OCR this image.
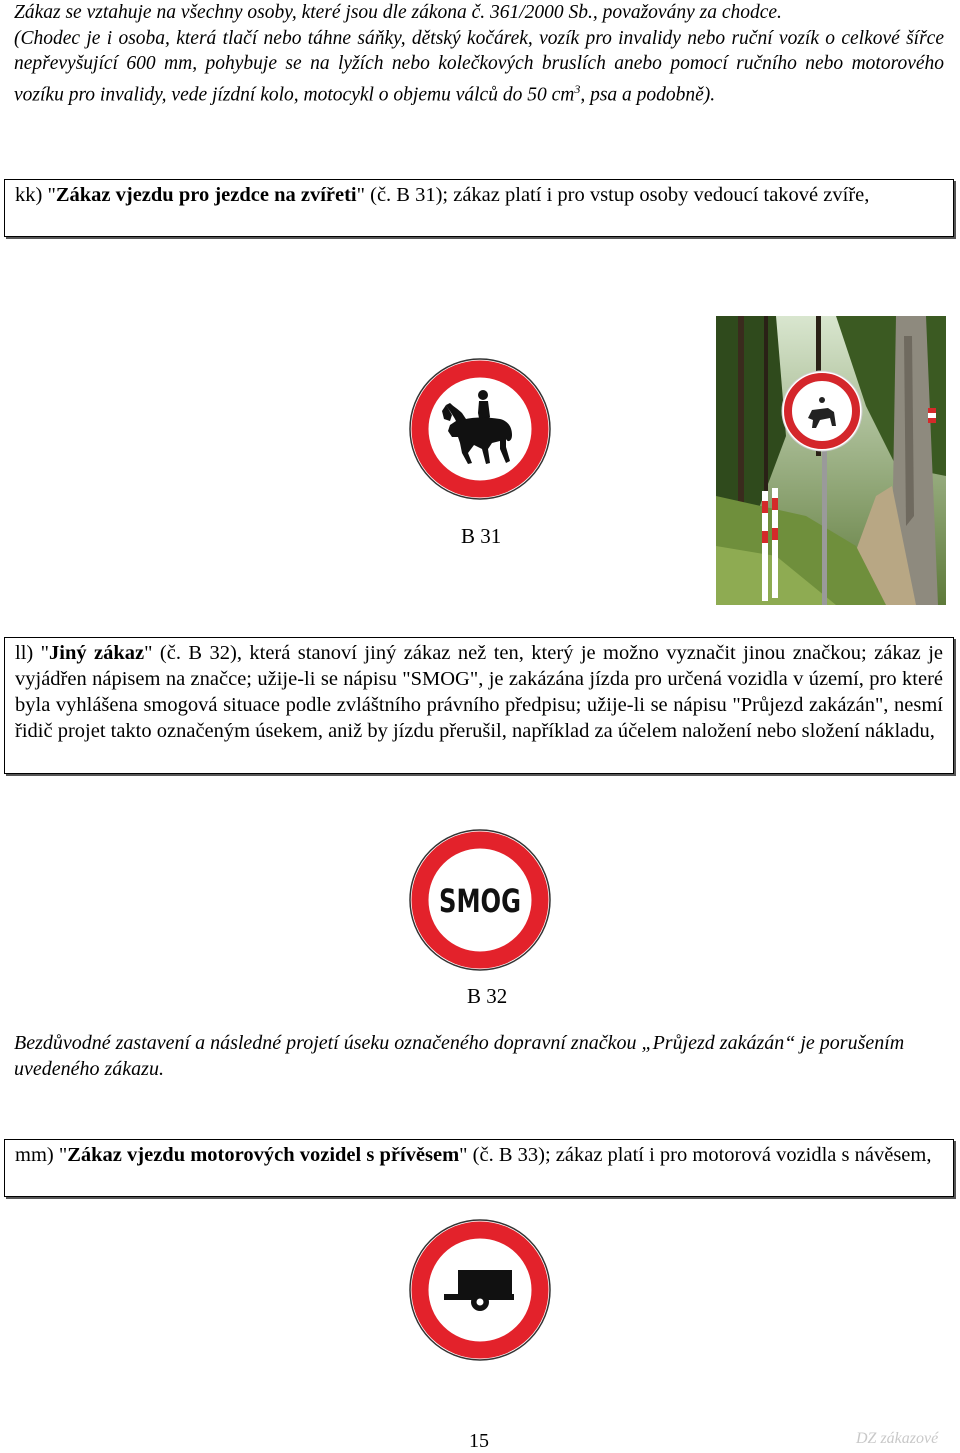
Zákaz se vztahuje na všechny osoby, které jsou dle zákona č. 361/2000 Sb., považovány za chodce.
(Chodec je i osoba, která tlačí nebo táhne sáňky, dětský kočárek, vozík pro invalidy nebo ruční vozík o celkové šířce nepřevyšující 600 mm, pohybuje se na lyžích nebo kolečkových bruslích anebo pomocí ručního nebo motorového vozíku pro invalidy, vede jízdní kolo, motocykl o objemu válců do 50 $cm^3$, psa a podobně).
kk) "Zákaz vjezdu pro jezdce na zvířeti" (č. B 31); zákaz platí i pro vstup osoby vedoucí takové zvíře,
B 31
ll) "Jiný zákaz" (č. B 32), která stanoví jiný zákaz než ten, který je možno vyznačit jinou značkou; zákaz je vyjádřen nápisem na značce; užije-li se nápisu "SMOG", je zakázána jízda pro určená vozidla v území, pro které byla vyhlášena smogová situace podle zvláštního právního předpisu; užije-li se nápisu "Průjezd zakázán", nesmí řidič projet takto označeným úsekem, aniž by jízdu přerušil, například za účelem naložení nebo složení nákladu,
SMOG
B 32
Bezdůvodné zastavení a následné projetí úseku označeného dopravní značkou „Průjezd zakázán“ je porušením uvedeného zákazu.
mm) "Zákaz vjezdu motorových vozidel s přívěsem" (č. B 33); zákaz platí i pro motorová vozidla s návěsem,
15	DZ zákazové
